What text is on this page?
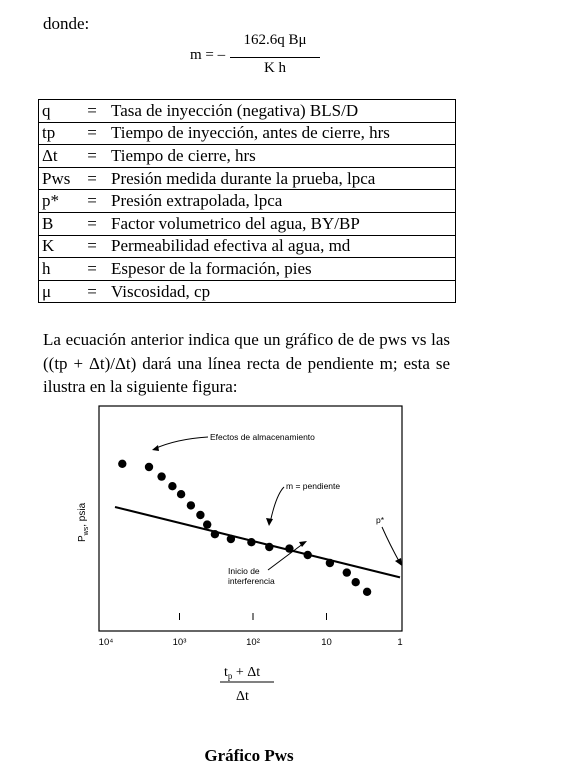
donde:
m = –
162.6q Bμ
K h
q	=	Tasa de inyección (negativa) BLS/D
tp	=	Tiempo de inyección, antes de cierre, hrs
Δt	=	Tiempo de cierre, hrs
Pws	=	Presión medida durante la prueba, lpca
p*	=	Presión extrapolada, lpca
B	=	Factor volumetrico del agua, BY/BP
K	=	Permeabilidad efectiva al agua, md
h	=	Espesor de la formación, pies
μ	=	Viscosidad, cp
La ecuación anterior indica que un gráfico de de pws vs las ((tp + Δt)/Δt) dará una línea recta de pendiente m; esta se ilustra en la siguiente figura:
10⁴	10³	10²	10	1
Efectos de almacenamiento
m = pendiente
p*
Inicio de
interferencia
$P_{ws}$, psia
$t_p + \Delta t$
Δt
Gráfico Pws
